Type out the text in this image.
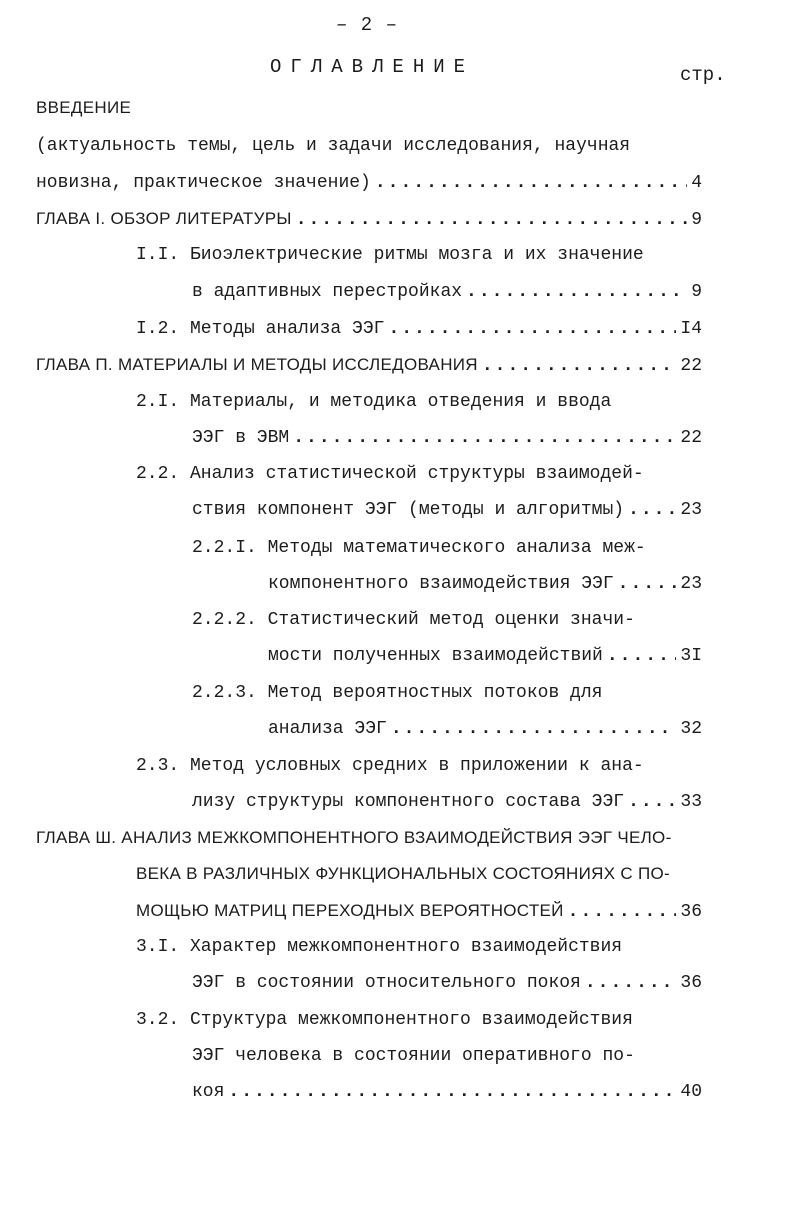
– 2 –
ОГЛАВЛЕНИЕ	стр.
ВВЕДЕНИЕ
(актуальность темы, цель и задачи исследования, научная
новизна, практическое значение) .....	4
ГЛАВА I. ОБЗОР ЛИТЕРАТУРЫ .....	9
I.I. Биоэлектрические ритмы мозга и их значение
в адаптивных перестройках .....	9
I.2. Методы анализа ЭЭГ .....	I4
ГЛАВА П. МАТЕРИАЛЫ И МЕТОДЫ ИССЛЕДОВАНИЯ .....	22
2.I. Материалы, и методика отведения и ввода
ЭЭГ в ЭВМ .....	22
2.2. Анализ статистической структуры взаимодей-
ствия компонент ЭЭГ (методы и алгоритмы) .....	23
2.2.I. Методы математического анализа меж-
компонентного взаимодействия ЭЭГ .....	23
2.2.2. Статистический метод оценки значи-
мости полученных взаимодействий .....	3I
2.2.3. Метод вероятностных потоков для
анализа ЭЭГ .....	32
2.3. Метод условных средних в приложении к ана-
лизу структуры компонентного состава ЭЭГ .....	33
ГЛАВА Ш. АНАЛИЗ МЕЖКОМПОНЕНТНОГО ВЗАИМОДЕЙСТВИЯ ЭЭГ ЧЕЛО-
ВЕКА В РАЗЛИЧНЫХ ФУНКЦИОНАЛЬНЫХ СОСТОЯНИЯХ С ПО-
МОЩЬЮ МАТРИЦ ПЕРЕХОДНЫХ ВЕРОЯТНОСТЕЙ .....	36
3.I. Характер межкомпонентного взаимодействия
ЭЭГ в состоянии относительного покоя .....	36
3.2. Структура межкомпонентного взаимодействия
ЭЭГ человека в состоянии оперативного по-
коя .....	40
